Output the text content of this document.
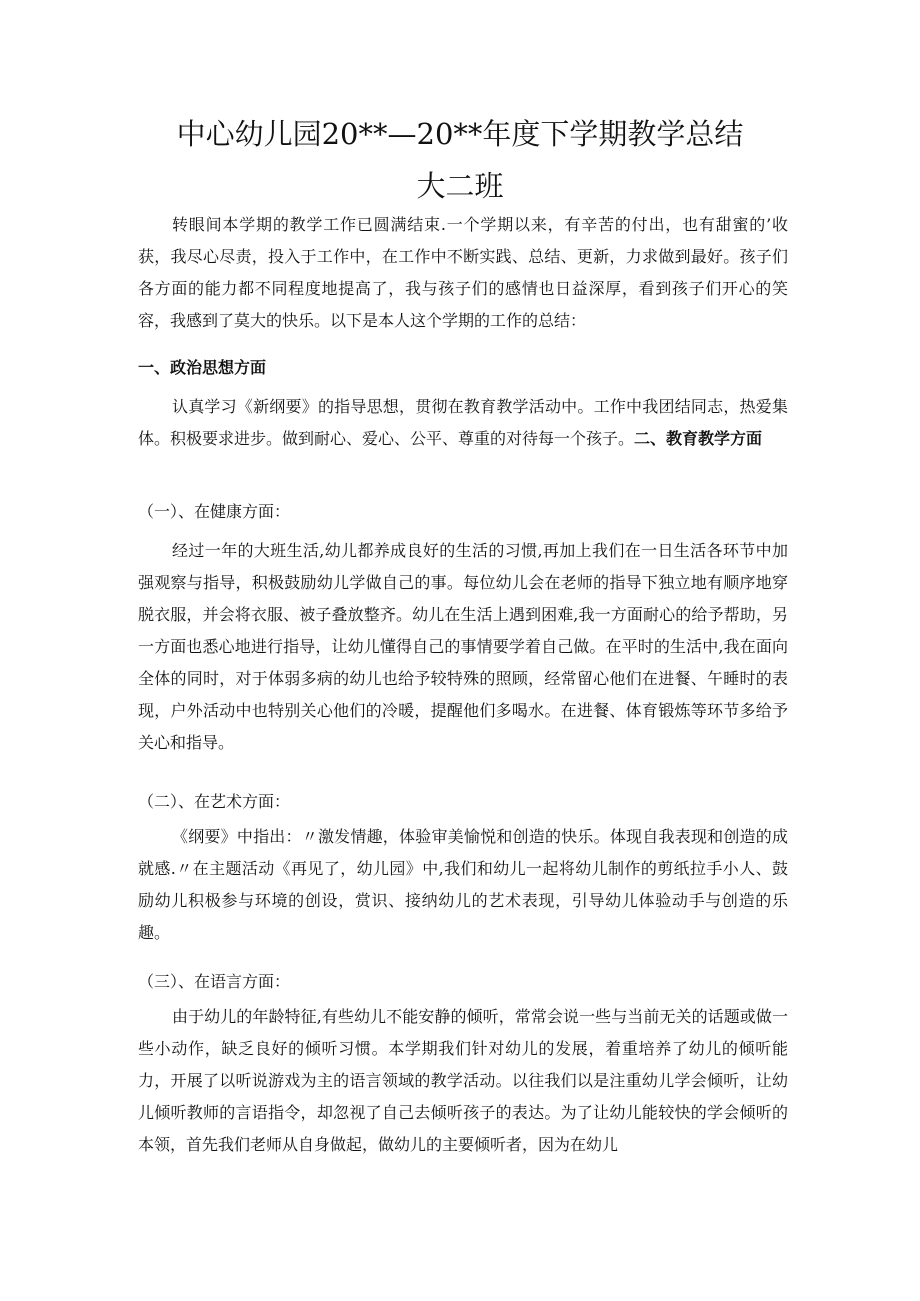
中心幼儿园20**—20**年度下学期教学总结
大二班
转眼间本学期的教学工作已圆满结束.一个学期以来，有辛苦的付出，也有甜蜜的’收获，我尽心尽责，投入于工作中，在工作中不断实践、总结、更新，力求做到最好。孩子们各方面的能力都不同程度地提高了，我与孩子们的感情也日益深厚，看到孩子们开心的笑容，我感到了莫大的快乐。以下是本人这个学期的工作的总结：
一、政治思想方面
认真学习《新纲要》的指导思想，贯彻在教育教学活动中。工作中我团结同志，热爱集体。积极要求进步。做到耐心、爱心、公平、尊重的对待每一个孩子。二、教育教学方面
（一）、在健康方面：
经过一年的大班生活,幼儿都养成良好的生活的习惯,再加上我们在一日生活各环节中加强观察与指导，积极鼓励幼儿学做自己的事。每位幼儿会在老师的指导下独立地有顺序地穿脱衣服，并会将衣服、被子叠放整齐。幼儿在生活上遇到困难,我一方面耐心的给予帮助，另一方面也悉心地进行指导，让幼儿懂得自己的事情要学着自己做。在平时的生活中,我在面向全体的同时，对于体弱多病的幼儿也给予较特殊的照顾，经常留心他们在进餐、午睡时的表现，户外活动中也特别关心他们的冷暖，提醒他们多喝水。在进餐、体育锻炼等环节多给予关心和指导。
（二）、在艺术方面：
《纲要》中指出：〃激发情趣，体验审美愉悦和创造的快乐。体现自我表现和创造的成就感.〃在主题活动《再见了，幼儿园》中,我们和幼儿一起将幼儿制作的剪纸拉手小人、鼓励幼儿积极参与环境的创设，赏识、接纳幼儿的艺术表现，引导幼儿体验动手与创造的乐趣。
（三）、在语言方面：
由于幼儿的年龄特征,有些幼儿不能安静的倾听，常常会说一些与当前无关的话题或做一些小动作，缺乏良好的倾听习惯。本学期我们针对幼儿的发展，着重培养了幼儿的倾听能力，开展了以听说游戏为主的语言领域的教学活动。以往我们以是注重幼儿学会倾听，让幼儿倾听教师的言语指令，却忽视了自己去倾听孩子的表达。为了让幼儿能较快的学会倾听的本领，首先我们老师从自身做起，做幼儿的主要倾听者，因为在幼儿
